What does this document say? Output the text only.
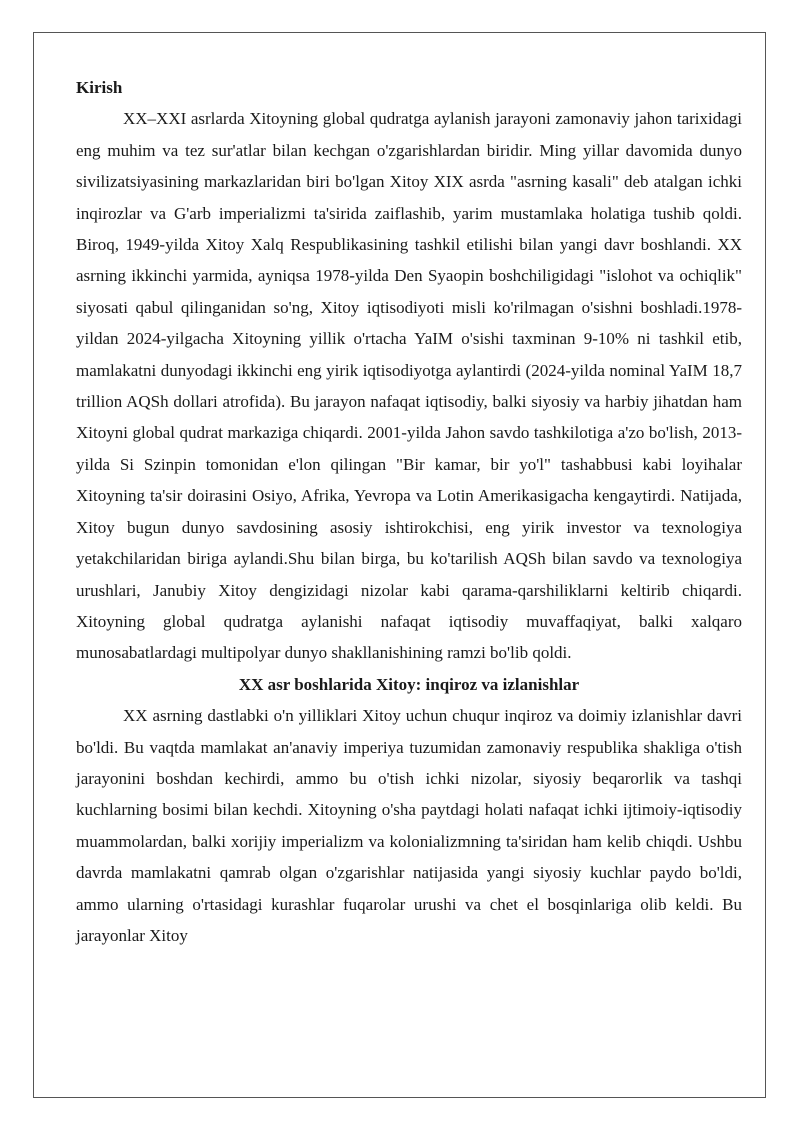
Kirish

XX–XXI asrlarda Xitoyning global qudratga aylanish jarayoni zamonaviy jahon tarixidagi eng muhim va tez sur'atlar bilan kechgan o'zgarishlardan biridir. Ming yillar davomida dunyo sivilizatsiyasining markazlaridan biri bo'lgan Xitoy XIX asrda "asrning kasali" deb atalgan ichki inqirozlar va G'arb imperializmi ta'sirida zaiflashib, yarim mustamlaka holatiga tushib qoldi. Biroq, 1949-yilda Xitoy Xalq Respublikasining tashkil etilishi bilan yangi davr boshlandi. XX asrning ikkinchi yarmida, ayniqsa 1978-yilda Den Syaopin boshchiligidagi "islohot va ochiqlik" siyosati qabul qilinganidan so'ng, Xitoy iqtisodiyoti misli ko'rilmagan o'sishni boshladi.1978-yildan 2024-yilgacha Xitoyning yillik o'rtacha YaIM o'sishi taxminan 9-10% ni tashkil etib, mamlakatni dunyodagi ikkinchi eng yirik iqtisodiyotga aylantirdi (2024-yilda nominal YaIM 18,7 trillion AQSh dollari atrofida). Bu jarayon nafaqat iqtisodiy, balki siyosiy va harbiy jihatdan ham Xitoyni global qudrat markaziga chiqardi. 2001-yilda Jahon savdo tashkilotiga a'zo bo'lish, 2013-yilda Si Szinpin tomonidan e'lon qilingan "Bir kamar, bir yo'l" tashabbusi kabi loyihalar Xitoyning ta'sir doirasini Osiyo, Afrika, Yevropa va Lotin Amerikasigacha kengaytirdi. Natijada, Xitoy bugun dunyo savdosining asosiy ishtirokchisi, eng yirik investor va texnologiya yetakchilaridan biriga aylandi.Shu bilan birga, bu ko'tarilish AQSh bilan savdo va texnologiya urushlari, Janubiy Xitoy dengizidagi nizolar kabi qarama-qarshiliklarni keltirib chiqardi. Xitoyning global qudratga aylanishi nafaqat iqtisodiy muvaffaqiyat, balki xalqaro munosabatlardagi multipolyar dunyo shakllanishining ramzi bo'lib qoldi.

XX asr boshlarida Xitoy: inqiroz va izlanishlar

XX asrning dastlabki o'n yilliklari Xitoy uchun chuqur inqiroz va doimiy izlanishlar davri bo'ldi. Bu vaqtda mamlakat an'anaviy imperiya tuzumidan zamonaviy respublika shakliga o'tish jarayonini boshdan kechirdi, ammo bu o'tish ichki nizolar, siyosiy beqarorlik va tashqi kuchlarning bosimi bilan kechdi. Xitoyning o'sha paytdagi holati nafaqat ichki ijtimoiy-iqtisodiy muammolardan, balki xorijiy imperializm va kolonializmning ta'siridan ham kelib chiqdi. Ushbu davrda mamlakatni qamrab olgan o'zgarishlar natijasida yangi siyosiy kuchlar paydo bo'ldi, ammo ularning o'rtasidagi kurashlar fuqarolar urushi va chet el bosqinlariga olib keldi. Bu jarayonlar Xitoy
